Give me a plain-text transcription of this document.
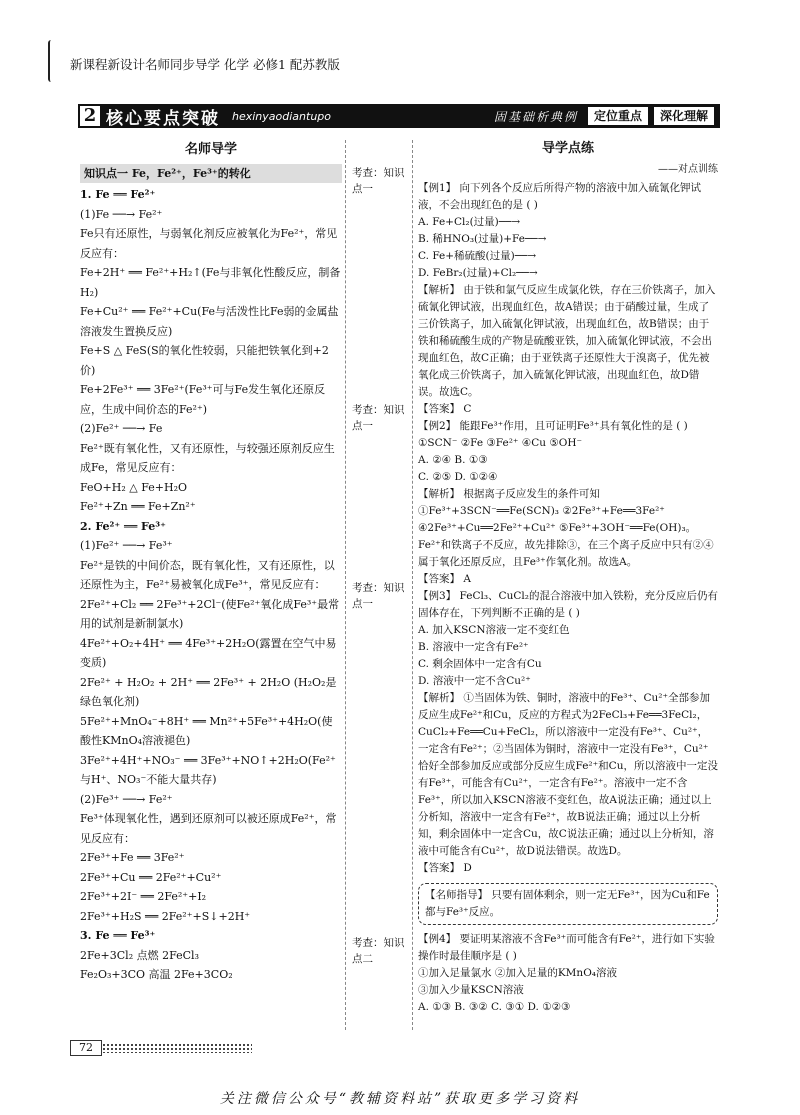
新课程新设计名师同步导学 化学 必修1 配苏教版
2 核心要点突破 hexinyaodiantupo	固基础析典例	定位重点	深化理解
名师导学
知识点一 Fe，Fe²⁺，Fe³⁺的转化

1. Fe ══ Fe²⁺

(1)Fe ──→ Fe²⁺

Fe只有还原性，与弱氧化剂反应被氧化为Fe²⁺，常见反应有：

Fe+2H⁺ ══ Fe²⁺+H₂↑(Fe与非氧化性酸反应，制备H₂)

Fe+Cu²⁺ ══ Fe²⁺+Cu(Fe与活泼性比Fe弱的金属盐溶液发生置换反应)

Fe+S △ FeS(S的氧化性较弱，只能把铁氧化到+2价)

Fe+2Fe³⁺ ══ 3Fe²⁺(Fe³⁺可与Fe发生氧化还原反应，生成中间价态的Fe²⁺)

(2)Fe²⁺ ──→ Fe

Fe²⁺既有氧化性，又有还原性，与较强还原剂反应生成Fe，常见反应有：

FeO+H₂ △ Fe+H₂O

Fe²⁺+Zn ══ Fe+Zn²⁺

2. Fe²⁺ ══ Fe³⁺

(1)Fe²⁺ ──→ Fe³⁺

Fe²⁺是铁的中间价态，既有氧化性，又有还原性，以还原性为主，Fe²⁺易被氧化成Fe³⁺，常见反应有：

2Fe²⁺+Cl₂ ══ 2Fe³⁺+2Cl⁻(使Fe²⁺氧化成Fe³⁺最常用的试剂是新制氯水)

4Fe²⁺+O₂+4H⁺ ══ 4Fe³⁺+2H₂O(露置在空气中易变质)

2Fe²⁺ + H₂O₂ + 2H⁺ ══ 2Fe³⁺ + 2H₂O (H₂O₂是绿色氧化剂)

5Fe²⁺+MnO₄⁻+8H⁺ ══ Mn²⁺+5Fe³⁺+4H₂O(使酸性KMnO₄溶液褪色)

3Fe²⁺+4H⁺+NO₃⁻ ══ 3Fe³⁺+NO↑+2H₂O(Fe²⁺与H⁺、NO₃⁻不能大量共存)

(2)Fe³⁺ ──→ Fe²⁺

Fe³⁺体现氧化性，遇到还原剂可以被还原成Fe²⁺，常见反应有：

2Fe³⁺+Fe ══ 3Fe²⁺

2Fe³⁺+Cu ══ 2Fe²⁺+Cu²⁺

2Fe³⁺+2I⁻ ══ 2Fe²⁺+I₂

2Fe³⁺+H₂S ══ 2Fe²⁺+S↓+2H⁺

3. Fe ══ Fe³⁺

2Fe+3Cl₂ 点燃 2FeCl₃

Fe₂O₃+3CO 高温 2Fe+3CO₂

考查：知识点一
考查：知识点一
考查：知识点一
考查：知识点二
导学点练
——对点训练

【例1】 向下列各个反应后所得产物的溶液中加入硫氰化钾试液，不会出现红色的是 ( )

A. Fe+Cl₂(过量)──→

B. 稀HNO₃(过量)+Fe──→

C. Fe+稀硫酸(过量)──→

D. FeBr₂(过量)+Cl₂──→

【解析】 由于铁和氯气反应生成氯化铁，存在三价铁离子，加入硫氰化钾试液，出现血红色，故A错误；由于硝酸过量，生成了三价铁离子，加入硫氰化钾试液，出现血红色，故B错误；由于铁和稀硫酸生成的产物是硫酸亚铁，加入硫氰化钾试液，不会出现血红色，故C正确；由于亚铁离子还原性大于溴离子，优先被氧化成三价铁离子，加入硫氰化钾试液，出现血红色，故D错误。故选C。

【答案】 C

【例2】 能跟Fe³⁺作用，且可证明Fe³⁺具有氧化性的是 ( )

①SCN⁻ ②Fe ③Fe²⁺ ④Cu ⑤OH⁻

A. ②④ B. ①③

C. ②⑤ D. ①②④

【解析】 根据离子反应发生的条件可知①Fe³⁺+3SCN⁻══Fe(SCN)₃ ②2Fe³⁺+Fe══3Fe²⁺ ④2Fe³⁺+Cu══2Fe²⁺+Cu²⁺ ⑤Fe³⁺+3OH⁻══Fe(OH)₃。Fe²⁺和铁离子不反应，故先排除③，在三个离子反应中只有②④属于氧化还原反应，且Fe³⁺作氧化剂。故选A。

【答案】 A

【例3】 FeCl₃、CuCl₂的混合溶液中加入铁粉，充分反应后仍有固体存在，下列判断不正确的是 ( )

A. 加入KSCN溶液一定不变红色

B. 溶液中一定含有Fe²⁺

C. 剩余固体中一定含有Cu

D. 溶液中一定不含Cu²⁺

【解析】 ①当固体为铁、铜时，溶液中的Fe³⁺、Cu²⁺全部参加反应生成Fe²⁺和Cu，反应的方程式为2FeCl₃+Fe══3FeCl₂，CuCl₂+Fe══Cu+FeCl₂，所以溶液中一定没有Fe³⁺、Cu²⁺，一定含有Fe²⁺；②当固体为铜时，溶液中一定没有Fe³⁺，Cu²⁺恰好全部参加反应或部分反应生成Fe²⁺和Cu，所以溶液中一定没有Fe³⁺，可能含有Cu²⁺，一定含有Fe²⁺。溶液中一定不含Fe³⁺，所以加入KSCN溶液不变红色，故A说法正确；通过以上分析知，溶液中一定含有Fe²⁺，故B说法正确；通过以上分析知，剩余固体中一定含Cu，故C说法正确；通过以上分析知，溶液中可能含有Cu²⁺，故D说法错误。故选D。

【答案】 D

【名师指导】 只要有固体剩余，则一定无Fe³⁺，因为Cu和Fe都与Fe³⁺反应。

【例4】 要证明某溶液不含Fe³⁺而可能含有Fe²⁺，进行如下实验操作时最佳顺序是 ( )

①加入足量氯水 ②加入足量的KMnO₄溶液

③加入少量KSCN溶液

A. ①③ B. ③② C. ③① D. ①②③

72
关注微信公众号“教辅资料站”获取更多学习资料
